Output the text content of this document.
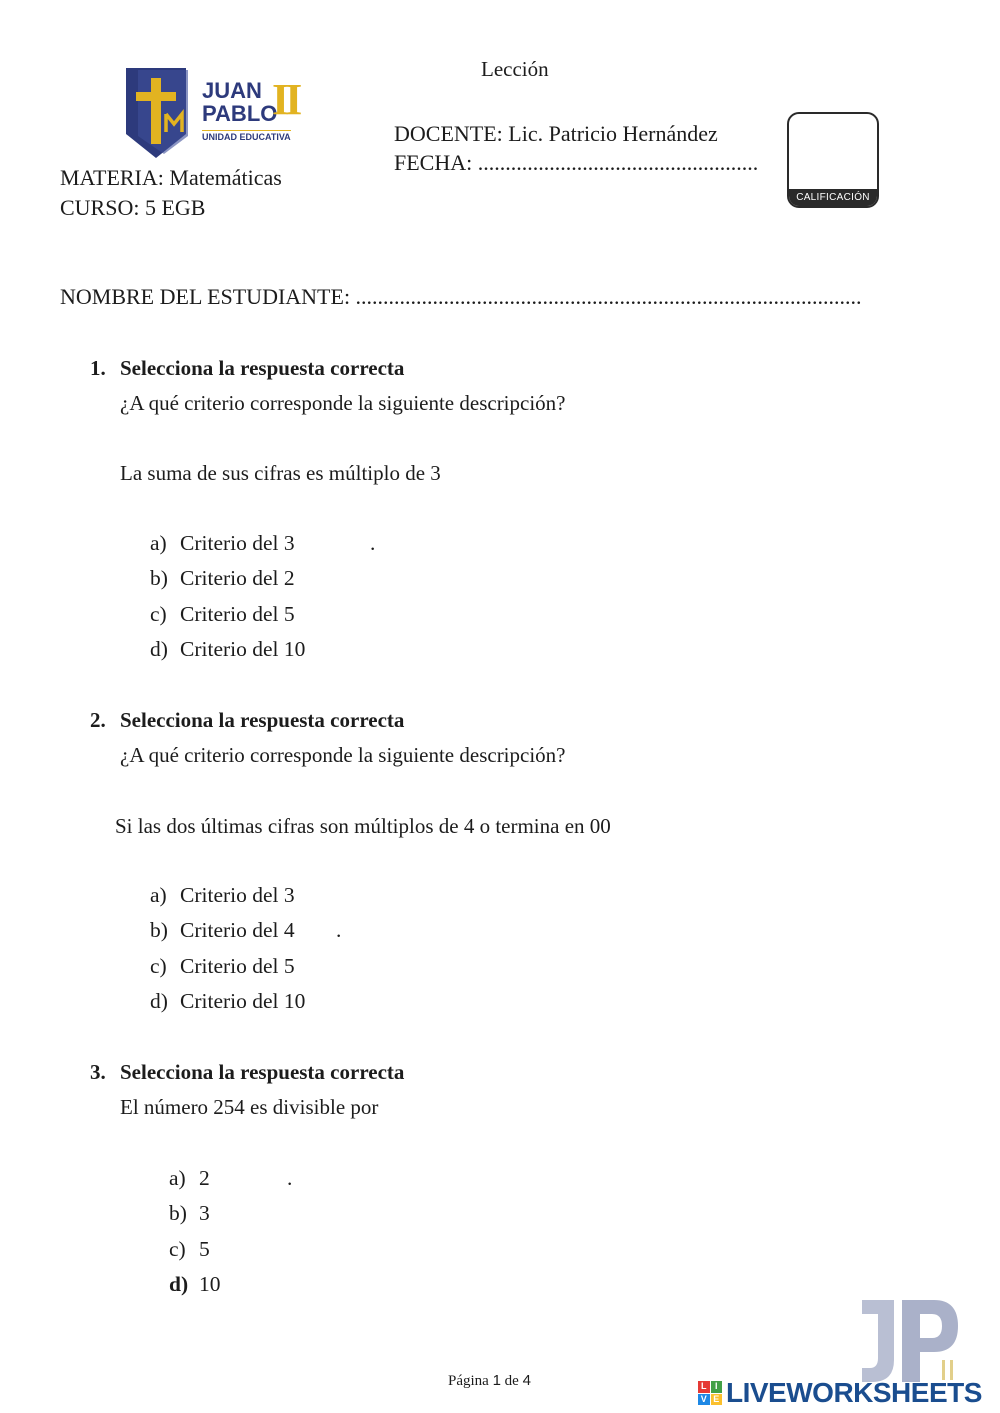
Lección
JUAN
PABLO
II
UNIDAD EDUCATIVA
MATERIA: Matemáticas
CURSO: 5 EGB
DOCENTE: Lic. Patricio Hernández
FECHA: ...................................................
CALIFICACIÓN
NOMBRE DEL ESTUDIANTE: ............................................................................................
1. Selecciona la respuesta correcta
¿A qué criterio corresponde la siguiente descripción?
La suma de sus cifras es múltiplo de 3
a) Criterio del 3	.
b) Criterio del 2
c) Criterio del 5
d) Criterio del 10
2. Selecciona la respuesta correcta
¿A qué criterio corresponde la siguiente descripción?
Si las dos últimas cifras son múltiplos de 4 o termina en 00
a) Criterio del 3
b) Criterio del 4 .
c) Criterio del 5
d) Criterio del 10
3. Selecciona la respuesta correcta
El número 254 es divisible por
a) 2	.
b) 3
c) 5
d) 10
Página 1 de 4	L I
V E LIVEWORKSHEETS
